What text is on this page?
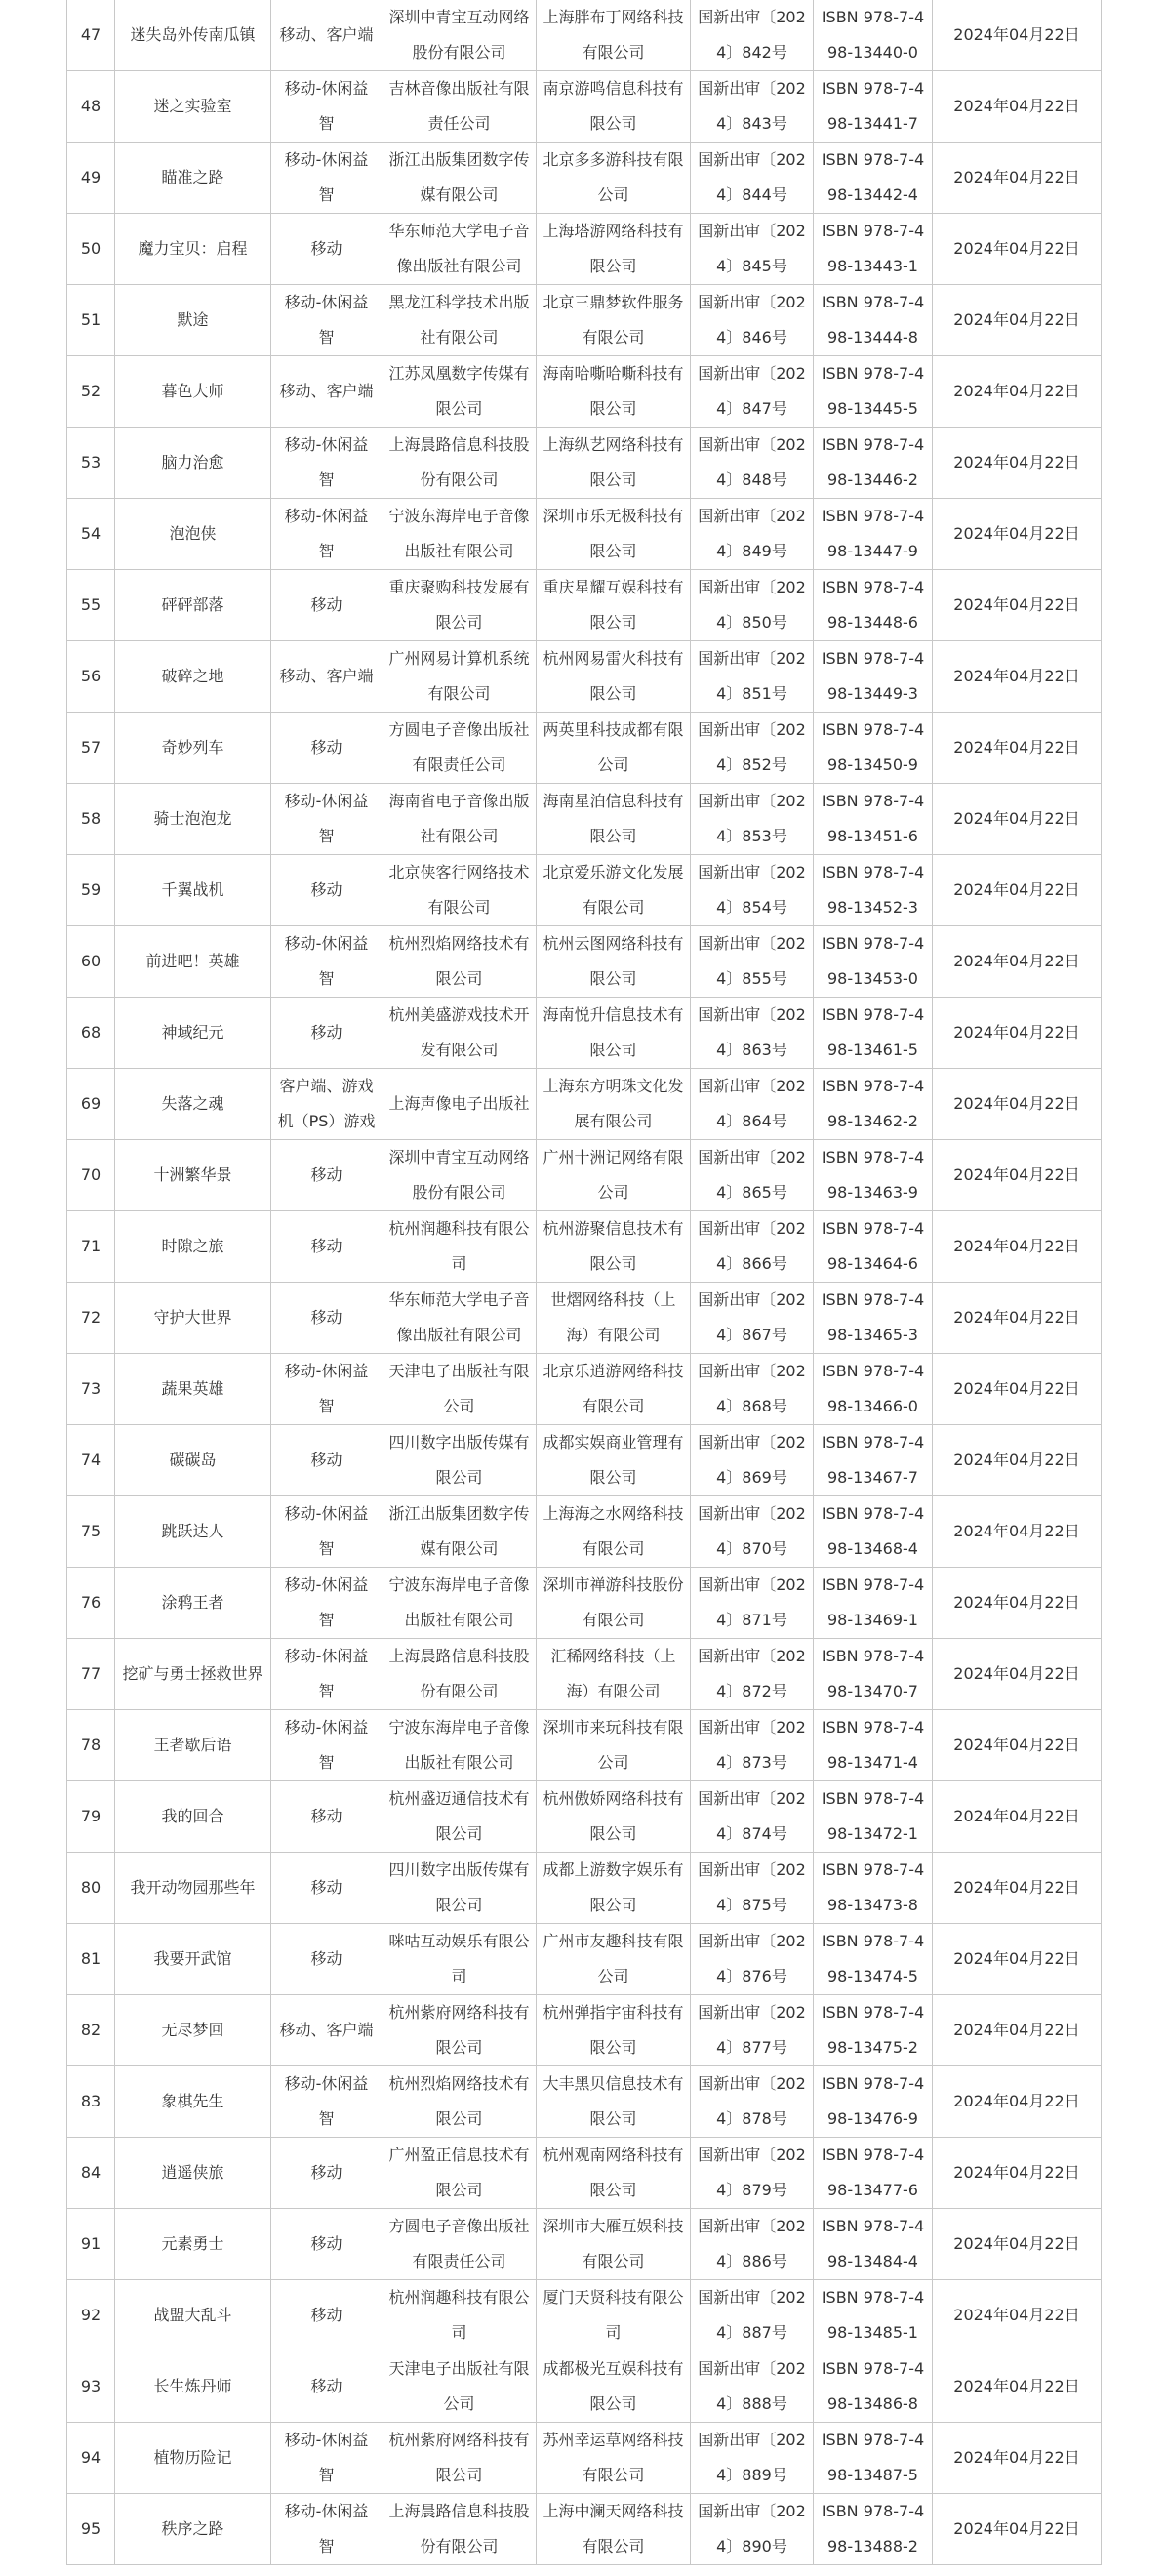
47	迷失岛外传南瓜镇	移动、客户端	深圳中青宝互动网络股份有限公司	上海胖布丁网络科技有限公司	国新出审〔2024〕842号	ISBN 978-7-498-13440-0	2024年04月22日
48	迷之实验室	移动-休闲益智	吉林音像出版社有限责任公司	南京游鸣信息科技有限公司	国新出审〔2024〕843号	ISBN 978-7-498-13441-7	2024年04月22日
49	瞄准之路	移动-休闲益智	浙江出版集团数字传媒有限公司	北京多多游科技有限公司	国新出审〔2024〕844号	ISBN 978-7-498-13442-4	2024年04月22日
50	魔力宝贝：启程	移动	华东师范大学电子音像出版社有限公司	上海塔游网络科技有限公司	国新出审〔2024〕845号	ISBN 978-7-498-13443-1	2024年04月22日
51	默途	移动-休闲益智	黑龙江科学技术出版社有限公司	北京三鼎梦软件服务有限公司	国新出审〔2024〕846号	ISBN 978-7-498-13444-8	2024年04月22日
52	暮色大师	移动、客户端	江苏凤凰数字传媒有限公司	海南哈嘶哈嘶科技有限公司	国新出审〔2024〕847号	ISBN 978-7-498-13445-5	2024年04月22日
53	脑力治愈	移动-休闲益智	上海晨路信息科技股份有限公司	上海纵艺网络科技有限公司	国新出审〔2024〕848号	ISBN 978-7-498-13446-2	2024年04月22日
54	泡泡侠	移动-休闲益智	宁波东海岸电子音像出版社有限公司	深圳市乐无极科技有限公司	国新出审〔2024〕849号	ISBN 978-7-498-13447-9	2024年04月22日
55	砰砰部落	移动	重庆聚购科技发展有限公司	重庆星耀互娱科技有限公司	国新出审〔2024〕850号	ISBN 978-7-498-13448-6	2024年04月22日
56	破碎之地	移动、客户端	广州网易计算机系统有限公司	杭州网易雷火科技有限公司	国新出审〔2024〕851号	ISBN 978-7-498-13449-3	2024年04月22日
57	奇妙列车	移动	方圆电子音像出版社有限责任公司	两英里科技成都有限公司	国新出审〔2024〕852号	ISBN 978-7-498-13450-9	2024年04月22日
58	骑士泡泡龙	移动-休闲益智	海南省电子音像出版社有限公司	海南星泊信息科技有限公司	国新出审〔2024〕853号	ISBN 978-7-498-13451-6	2024年04月22日
59	千翼战机	移动	北京侠客行网络技术有限公司	北京爱乐游文化发展有限公司	国新出审〔2024〕854号	ISBN 978-7-498-13452-3	2024年04月22日
60	前进吧！英雄	移动-休闲益智	杭州烈焰网络技术有限公司	杭州云图网络科技有限公司	国新出审〔2024〕855号	ISBN 978-7-498-13453-0	2024年04月22日
68	神域纪元	移动	杭州美盛游戏技术开发有限公司	海南悦升信息技术有限公司	国新出审〔2024〕863号	ISBN 978-7-498-13461-5	2024年04月22日
69	失落之魂	客户端、游戏机（PS）游戏	上海声像电子出版社	上海东方明珠文化发展有限公司	国新出审〔2024〕864号	ISBN 978-7-498-13462-2	2024年04月22日
70	十洲繁华景	移动	深圳中青宝互动网络股份有限公司	广州十洲记网络有限公司	国新出审〔2024〕865号	ISBN 978-7-498-13463-9	2024年04月22日
71	时隙之旅	移动	杭州润趣科技有限公司	杭州游聚信息技术有限公司	国新出审〔2024〕866号	ISBN 978-7-498-13464-6	2024年04月22日
72	守护大世界	移动	华东师范大学电子音像出版社有限公司	世熠网络科技（上海）有限公司	国新出审〔2024〕867号	ISBN 978-7-498-13465-3	2024年04月22日
73	蔬果英雄	移动-休闲益智	天津电子出版社有限公司	北京乐逍游网络科技有限公司	国新出审〔2024〕868号	ISBN 978-7-498-13466-0	2024年04月22日
74	碳碳岛	移动	四川数字出版传媒有限公司	成都实娱商业管理有限公司	国新出审〔2024〕869号	ISBN 978-7-498-13467-7	2024年04月22日
75	跳跃达人	移动-休闲益智	浙江出版集团数字传媒有限公司	上海海之水网络科技有限公司	国新出审〔2024〕870号	ISBN 978-7-498-13468-4	2024年04月22日
76	涂鸦王者	移动-休闲益智	宁波东海岸电子音像出版社有限公司	深圳市禅游科技股份有限公司	国新出审〔2024〕871号	ISBN 978-7-498-13469-1	2024年04月22日
77	挖矿与勇士拯救世界	移动-休闲益智	上海晨路信息科技股份有限公司	汇稀网络科技（上海）有限公司	国新出审〔2024〕872号	ISBN 978-7-498-13470-7	2024年04月22日
78	王者歇后语	移动-休闲益智	宁波东海岸电子音像出版社有限公司	深圳市来玩科技有限公司	国新出审〔2024〕873号	ISBN 978-7-498-13471-4	2024年04月22日
79	我的回合	移动	杭州盛迈通信技术有限公司	杭州傲娇网络科技有限公司	国新出审〔2024〕874号	ISBN 978-7-498-13472-1	2024年04月22日
80	我开动物园那些年	移动	四川数字出版传媒有限公司	成都上游数字娱乐有限公司	国新出审〔2024〕875号	ISBN 978-7-498-13473-8	2024年04月22日
81	我要开武馆	移动	咪咕互动娱乐有限公司	广州市友趣科技有限公司	国新出审〔2024〕876号	ISBN 978-7-498-13474-5	2024年04月22日
82	无尽梦回	移动、客户端	杭州紫府网络科技有限公司	杭州弹指宇宙科技有限公司	国新出审〔2024〕877号	ISBN 978-7-498-13475-2	2024年04月22日
83	象棋先生	移动-休闲益智	杭州烈焰网络技术有限公司	大丰黑贝信息技术有限公司	国新出审〔2024〕878号	ISBN 978-7-498-13476-9	2024年04月22日
84	逍遥侠旅	移动	广州盈正信息技术有限公司	杭州观南网络科技有限公司	国新出审〔2024〕879号	ISBN 978-7-498-13477-6	2024年04月22日
91	元素勇士	移动	方圆电子音像出版社有限责任公司	深圳市大雁互娱科技有限公司	国新出审〔2024〕886号	ISBN 978-7-498-13484-4	2024年04月22日
92	战盟大乱斗	移动	杭州润趣科技有限公司	厦门天贤科技有限公司	国新出审〔2024〕887号	ISBN 978-7-498-13485-1	2024年04月22日
93	长生炼丹师	移动	天津电子出版社有限公司	成都极光互娱科技有限公司	国新出审〔2024〕888号	ISBN 978-7-498-13486-8	2024年04月22日
94	植物历险记	移动-休闲益智	杭州紫府网络科技有限公司	苏州幸运草网络科技有限公司	国新出审〔2024〕889号	ISBN 978-7-498-13487-5	2024年04月22日
95	秩序之路	移动-休闲益智	上海晨路信息科技股份有限公司	上海中澜天网络科技有限公司	国新出审〔2024〕890号	ISBN 978-7-498-13488-2	2024年04月22日
